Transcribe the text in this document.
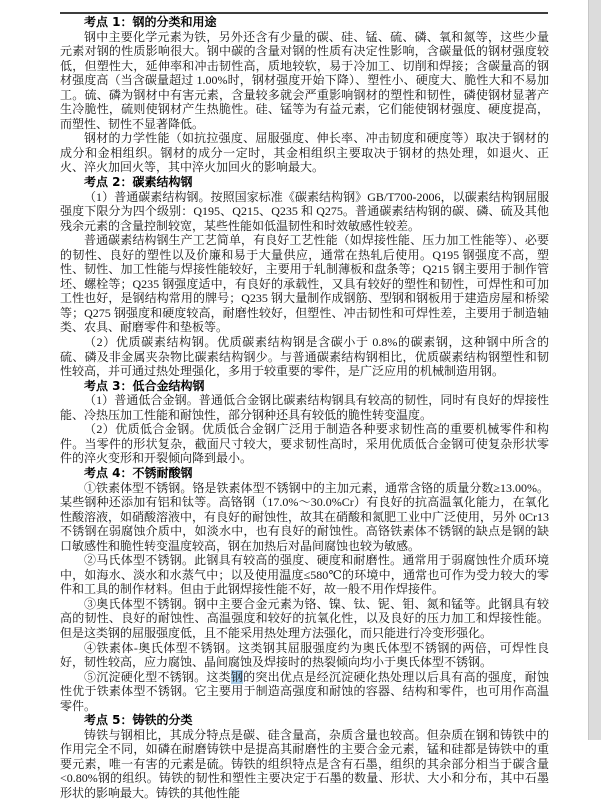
考点 1：钢的分类和用途

钢中主要化学元素为铁，另外还含有少量的碳、硅、锰、硫、磷、氧和氮等，这些少量元素对钢的性质影响很大。钢中碳的含量对钢的性质有决定性影响，含碳量低的钢材强度较低，但塑性大，延伸率和冲击韧性高，质地较软，易于冷加工、切削和焊接；含碳量高的钢材强度高（当含碳量超过 1.00%时，钢材强度开始下降）、塑性小、硬度大、脆性大和不易加工。硫、磷为钢材中有害元素，含量较多就会严重影响钢材的塑性和韧性，磷使钢材显著产生冷脆性，硫则使钢材产生热脆性。硅、锰等为有益元素，它们能使钢材强度、硬度提高，而塑性、韧性不显著降低。

钢材的力学性能（如抗拉强度、屈服强度、伸长率、冲击韧度和硬度等）取决于钢材的成分和金相组织。钢材的成分一定时，其金相组织主要取决于钢材的热处理，如退火、正火、淬火加回火等，其中淬火加回火的影响最大。

考点 2：碳素结构钢

（1）普通碳素结构钢。按照国家标准《碳素结构钢》GB/T700-2006，以碳素结构钢屈服强度下限分为四个级别：Q195、Q215、Q235 和 Q275。普通碳素结构钢的碳、磷、硫及其他残余元素的含量控制较宽，某些性能如低温韧性和时效敏感性较差。

普通碳素结构钢生产工艺简单，有良好工艺性能（如焊接性能、压力加工性能等）、必要的韧性、良好的塑性以及价廉和易于大量供应，通常在热轧后使用。Q195 钢强度不高，塑性、韧性、加工性能与焊接性能较好，主要用于轧制薄板和盘条等；Q215 钢主要用于制作管坯、螺栓等；Q235 钢强度适中，有良好的承载性，又具有较好的塑性和韧性，可焊性和可加工性也好，是钢结构常用的牌号；Q235 钢大量制作成钢筋、型钢和钢板用于建造房屋和桥梁等；Q275 钢强度和硬度较高，耐磨性较好，但塑性、冲击韧性和可焊性差，主要用于制造轴类、农具、耐磨零件和垫板等。

（2）优质碳素结构钢。优质碳素结构钢是含碳小于 0.8%的碳素钢，这种钢中所含的硫、磷及非金属夹杂物比碳素结构钢少。与普通碳素结构钢相比，优质碳素结构钢塑性和韧性较高，并可通过热处理强化，多用于较重要的零件，是广泛应用的机械制造用钢。

考点 3：低合金结构钢

（1）普通低合金钢。普通低合金钢比碳素结构钢具有较高的韧性，同时有良好的焊接性能、冷热压加工性能和耐蚀性，部分钢种还具有较低的脆性转变温度。

（2）优质低合金钢。优质低合金钢广泛用于制造各种要求韧性高的重要机械零件和构件。当零件的形状复杂，截面尺寸较大，要求韧性高时，采用优质低合金钢可使复杂形状零件的淬火变形和开裂倾向降到最小。

考点 4：不锈耐酸钢

①铁素体型不锈钢。铬是铁素体型不锈钢中的主加元素，通常含铬的质量分数≥13.00%。某些钢种还添加有铝和钛等。高铬钢（17.0%～30.0%Cr）有良好的抗高温氧化能力，在氧化性酸溶液，如硝酸溶液中，有良好的耐蚀性，故其在硝酸和氮肥工业中广泛使用，另外 0Cr13 不锈钢在弱腐蚀介质中，如淡水中，也有良好的耐蚀性。高铬铁素体不锈钢的缺点是钢的缺口敏感性和脆性转变温度较高，钢在加热后对晶间腐蚀也较为敏感。

②马氏体型不锈钢。此钢具有较高的强度、硬度和耐磨性。通常用于弱腐蚀性介质环境中，如海水、淡水和水蒸气中；以及使用温度≤580℃的环境中，通常也可作为受力较大的零件和工具的制作材料。但由于此钢焊接性能不好，故一般不用作焊接件。

③奥氏体型不锈钢。钢中主要合金元素为铬、镍、钛、铌、钼、氮和锰等。此钢具有较高的韧性、良好的耐蚀性、高温强度和较好的抗氧化性，以及良好的压力加工和焊接性能。但是这类钢的屈服强度低，且不能采用热处理方法强化，而只能进行冷变形强化。

④铁素体-奥氏体型不锈钢。这类钢其屈服强度约为奥氏体型不锈钢的两倍，可焊性良好，韧性较高，应力腐蚀、晶间腐蚀及焊接时的热裂倾向均小于奥氏体型不锈钢。

⑤沉淀硬化型不锈钢。这类钢的突出优点是经沉淀硬化热处理以后具有高的强度，耐蚀性优于铁素体型不锈钢。它主要用于制造高强度和耐蚀的容器、结构和零件，也可用作高温零件。

考点 5：铸铁的分类

铸铁与钢相比，其成分特点是碳、硅含量高，杂质含量也较高。但杂质在钢和铸铁中的作用完全不同，如磷在耐磨铸铁中是提高其耐磨性的主要合金元素，锰和硅都是铸铁中的重要元素，唯一有害的元素是硫。铸铁的组织特点是含有石墨，组织的其余部分相当于碳含量<0.80%钢的组织。铸铁的韧性和塑性主要决定于石墨的数量、形状、大小和分布，其中石墨形状的影响最大。铸铁的其他性能
